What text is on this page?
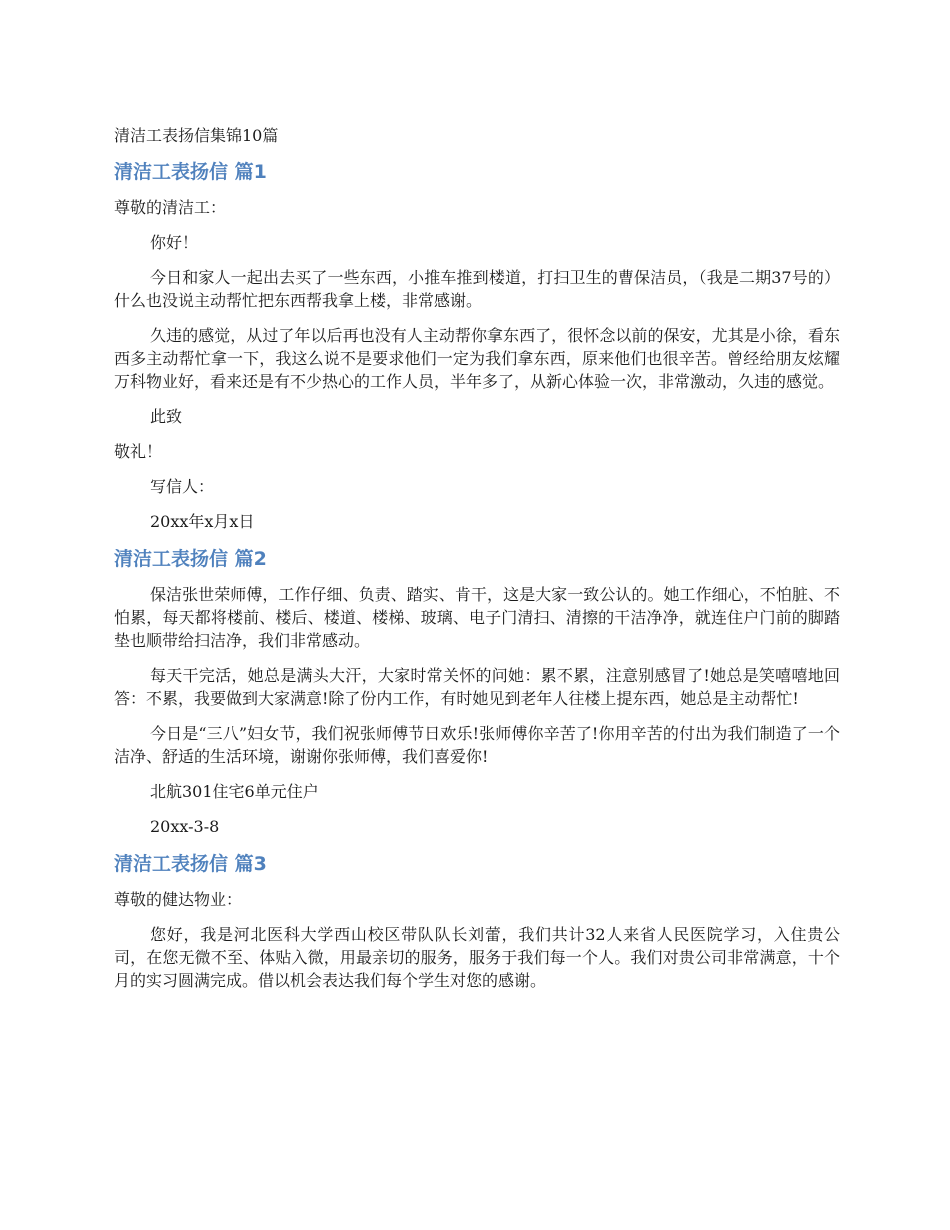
清洁工表扬信集锦10篇
清洁工表扬信 篇1
尊敬的清洁工：
你好！
今日和家人一起出去买了一些东西，小推车推到楼道，打扫卫生的曹保洁员，（我是二期37号的）什么也没说主动帮忙把东西帮我拿上楼，非常感谢。
久违的感觉，从过了年以后再也没有人主动帮你拿东西了，很怀念以前的保安，尤其是小徐，看东西多主动帮忙拿一下，我这么说不是要求他们一定为我们拿东西，原来他们也很辛苦。曾经给朋友炫耀万科物业好，看来还是有不少热心的工作人员，半年多了，从新心体验一次，非常激动，久违的感觉。
此致
敬礼！
写信人：
20xx年x月x日
清洁工表扬信 篇2
保洁张世荣师傅，工作仔细、负责、踏实、肯干，这是大家一致公认的。她工作细心，不怕脏、不怕累，每天都将楼前、楼后、楼道、楼梯、玻璃、电子门清扫、清擦的干洁净净，就连住户门前的脚踏垫也顺带给扫洁净，我们非常感动。
每天干完活，她总是满头大汗，大家时常关怀的问她：累不累，注意别感冒了!她总是笑嘻嘻地回答：不累，我要做到大家满意!除了份内工作，有时她见到老年人往楼上提东西，她总是主动帮忙!
今日是“三八”妇女节，我们祝张师傅节日欢乐!张师傅你辛苦了!你用辛苦的付出为我们制造了一个洁净、舒适的生活环境，谢谢你张师傅，我们喜爱你!
北航301住宅6单元住户
20xx-3-8
清洁工表扬信 篇3
尊敬的健达物业：
您好，我是河北医科大学西山校区带队队长刘蕾，我们共计32人来省人民医院学习，入住贵公司，在您无微不至、体贴入微，用最亲切的服务，服务于我们每一个人。我们对贵公司非常满意，十个月的实习圆满完成。借以机会表达我们每个学生对您的感谢。
